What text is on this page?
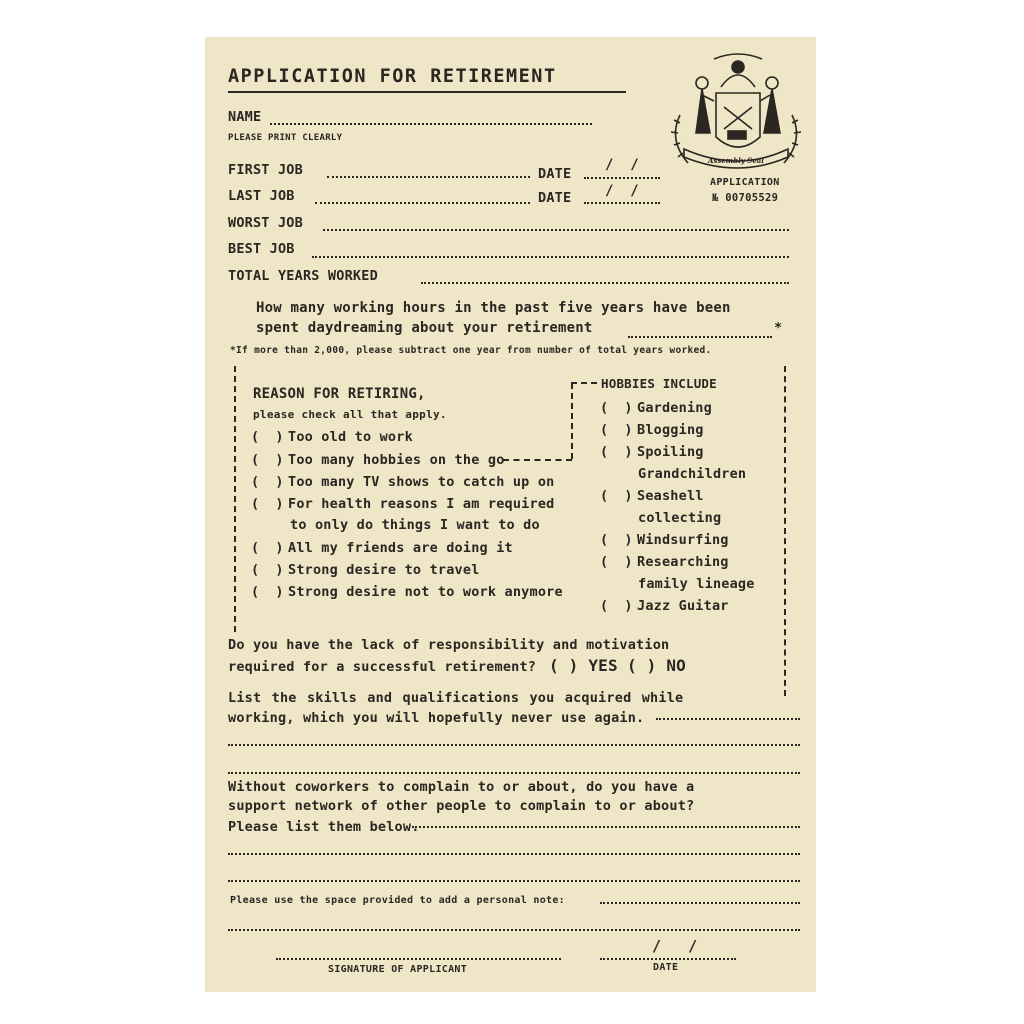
APPLICATION FOR RETIREMENT
Assembly Seal
APPLICATION
№ 00705529
NAME
PLEASE PRINT CLEARLY
FIRST JOB	DATE
/  /
LAST JOB	DATE /  /
WORST JOB
BEST JOB
TOTAL YEARS WORKED
How many working hours in the past five years have been
spent daydreaming about your retirement	*
*If more than 2,000, please subtract one year from number of total years worked.
REASON FOR RETIRING,
please check all that apply.
(  ) Too old to work
(  ) Too many hobbies on the go
(  ) Too many TV shows to catch up on
(  ) For health reasons I am required
to only do things I want to do
(  ) All my friends are doing it
(  ) Strong desire to travel
(  ) Strong desire not to work anymore
HOBBIES INCLUDE
(  ) Gardening
(  ) Blogging
(  ) Spoiling
Grandchildren
(  ) Seashell
collecting
(  ) Windsurfing
(  ) Researching
family lineage
(  ) Jazz Guitar
Do you have the lack of responsibility and motivation
required for a successful retirement? ( ) YES ( ) NO
List the skills and qualifications you acquired while
working, which you will hopefully never use again.
Without coworkers to complain to or about, do you have a
support network of other people to complain to or about?
Please list them below.
Please use the space provided to add a personal note:
SIGNATURE OF APPLICANT
/   /
DATE
